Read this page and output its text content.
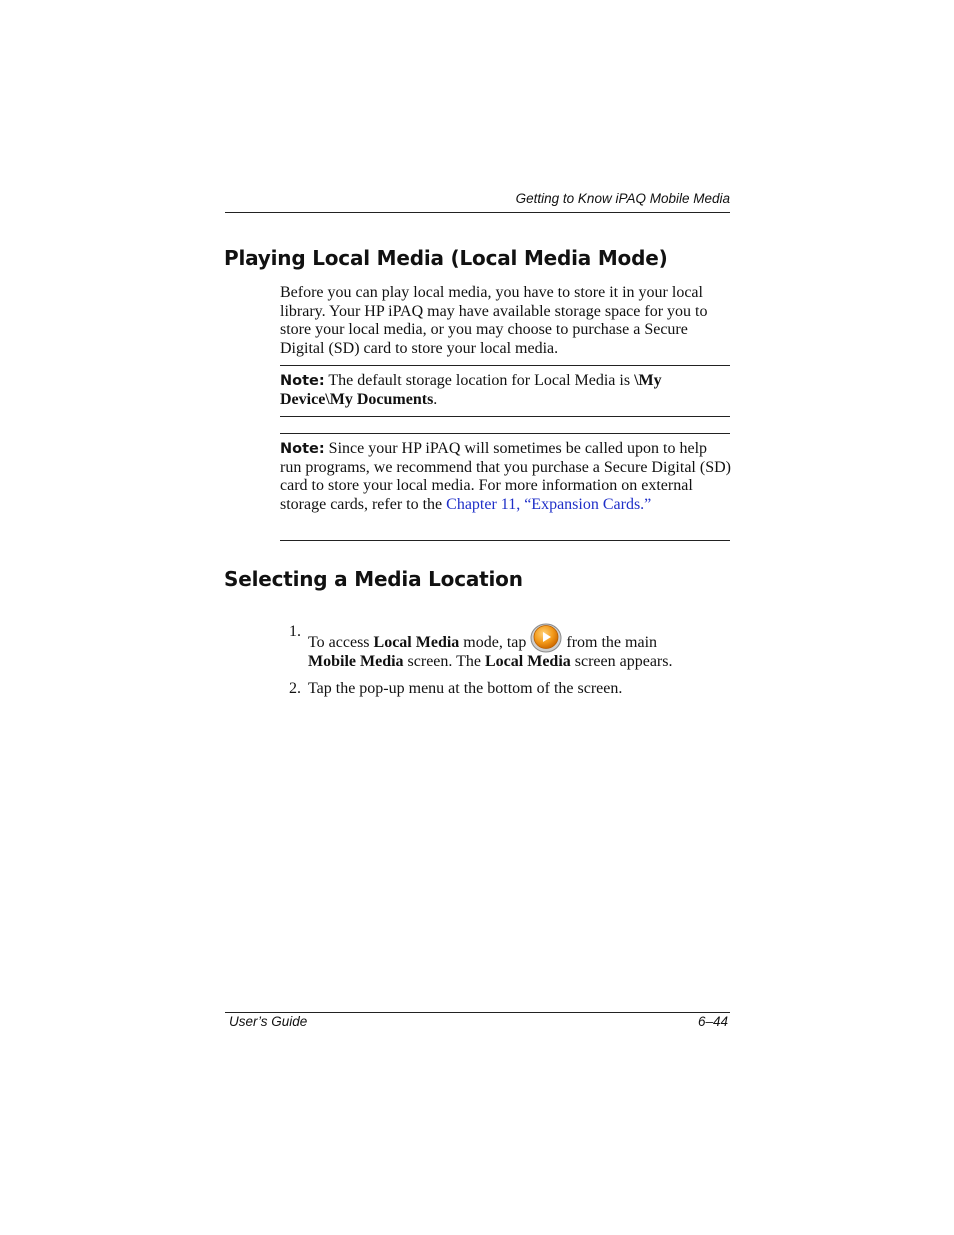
Getting to Know iPAQ Mobile Media
Playing Local Media (Local Media Mode)
Before you can play local media, you have to store it in your local library. Your HP iPAQ may have available storage space for you to store your local media, or you may choose to purchase a Secure Digital (SD) card to store your local media.
Note: The default storage location for Local Media is \My Device\My Documents.
Note: Since your HP iPAQ will sometimes be called upon to help run programs, we recommend that you purchase a Secure Digital (SD) card to store your local media. For more information on external storage cards, refer to the Chapter 11, “Expansion Cards.”
Selecting a Media Location
1.
To access Local Media mode, tap	from the main
Mobile Media screen. The Local Media screen appears.
2. Tap the pop-up menu at the bottom of the screen.
User’s Guide	6–44
